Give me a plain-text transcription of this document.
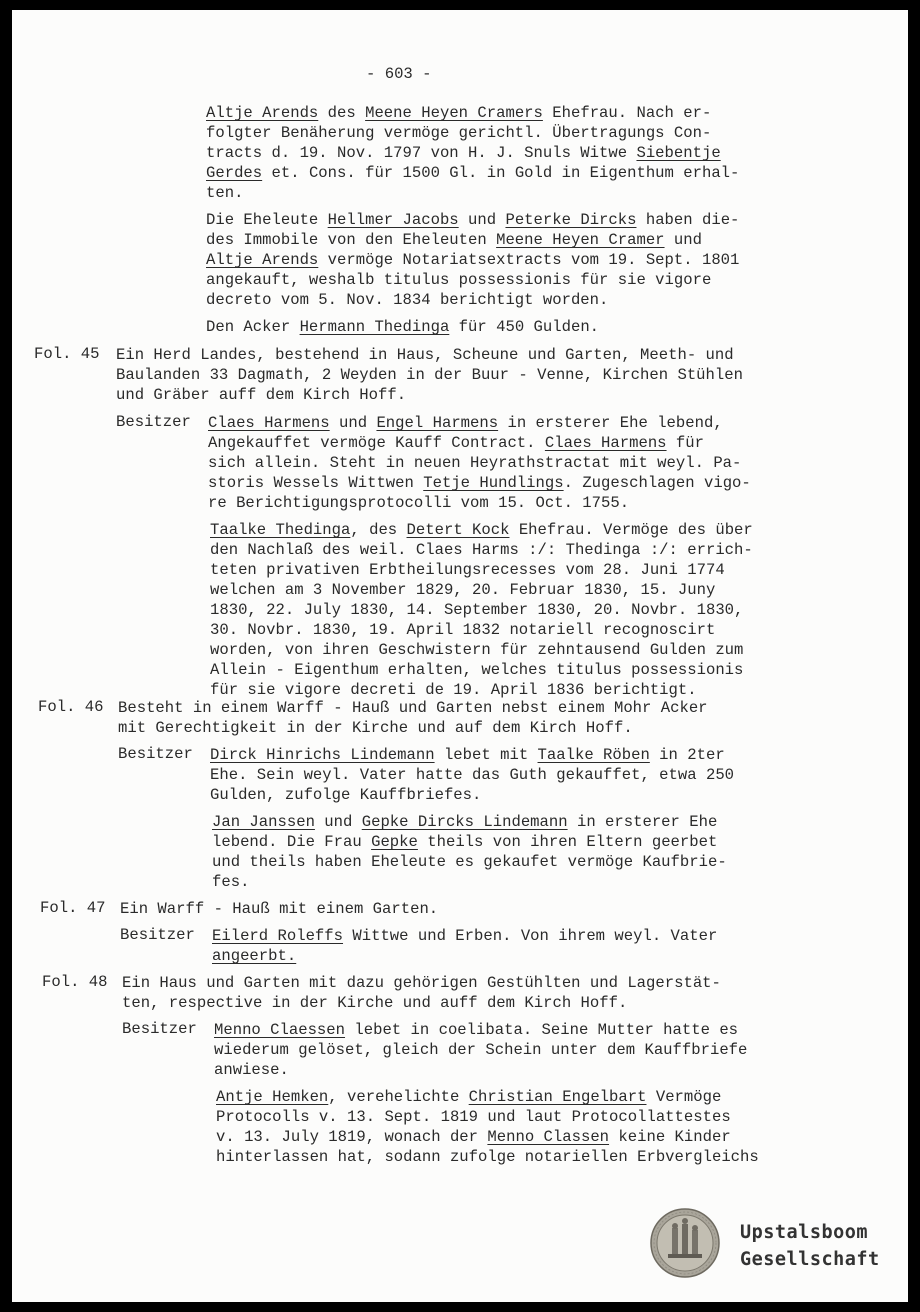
- 603 -
Altje Arends des Meene Heyen Cramers Ehefrau. Nach er-
folgter Benäherung vermöge gerichtl. Übertragungs Con-
tracts d. 19. Nov. 1797 von H. J. Snuls Witwe Siebentje
Gerdes et. Cons. für 1500 Gl. in Gold in Eigenthum erhal-
ten.
Die Eheleute Hellmer Jacobs und Peterke Dircks haben die-
des Immobile von den Eheleuten Meene Heyen Cramer und
Altje Arends vermöge Notariatsextracts vom 19. Sept. 1801
angekauft, weshalb titulus possessionis für sie vigore
decreto vom 5. Nov. 1834 berichtigt worden.
Den Acker Hermann Thedinga für 450 Gulden.
Fol. 45 Ein Herd Landes, bestehend in Haus, Scheune und Garten, Meeth- und
Baulanden 33 Dagmath, 2 Weyden in der Buur - Venne, Kirchen Stühlen
und Gräber auff dem Kirch Hoff.
Besitzer Claes Harmens und Engel Harmens in ersterer Ehe lebend,
Angekauffet vermöge Kauff Contract. Claes Harmens für
sich allein. Steht in neuen Heyrathstractat mit weyl. Pa-
storis Wessels Wittwen Tetje Hundlings. Zugeschlagen vigo-
re Berichtigungsprotocolli vom 15. Oct. 1755.
Taalke Thedinga, des Detert Kock Ehefrau. Vermöge des über
den Nachlaß des weil. Claes Harms :/: Thedinga :/: errich-
teten privativen Erbtheilungsrecesses vom 28. Juni 1774
welchen am 3 November 1829, 20. Februar 1830, 15. Juny
1830, 22. July 1830, 14. September 1830, 20. Novbr. 1830,
30. Novbr. 1830, 19. April 1832 notariell recognoscirt
worden, von ihren Geschwistern für zehntausend Gulden zum
Allein - Eigenthum erhalten, welches titulus possessionis
für sie vigore decreti de 19. April 1836 berichtigt.
Fol. 46 Besteht in einem Warff - Hauß und Garten nebst einem Mohr Acker
mit Gerechtigkeit in der Kirche und auf dem Kirch Hoff.
Besitzer Dirck Hinrichs Lindemann lebet mit Taalke Röben in 2ter
Ehe. Sein weyl. Vater hatte das Guth gekauffet, etwa 250
Gulden, zufolge Kauffbriefes.
Jan Janssen und Gepke Dircks Lindemann in ersterer Ehe
lebend. Die Frau Gepke theils von ihren Eltern geerbet
und theils haben Eheleute es gekaufet vermöge Kaufbrie-
fes.
Fol. 47 Ein Warff - Hauß mit einem Garten.
Besitzer Eilerd Roleffs Wittwe und Erben. Von ihrem weyl. Vater
angeerbt.
Fol. 48 Ein Haus und Garten mit dazu gehörigen Gestühlten und Lagerstät-
ten, respective in der Kirche und auff dem Kirch Hoff.
Besitzer Menno Claessen lebet in coelibata. Seine Mutter hatte es
wiederum gelöset, gleich der Schein unter dem Kauffbriefe
anwiese.
Antje Hemken, verehelichte Christian Engelbart Vermöge
Protocolls v. 13. Sept. 1819 und laut Protocollattestes
v. 13. July 1819, wonach der Menno Classen keine Kinder
hinterlassen hat, sodann zufolge notariellen Erbvergleichs
Upstalsboom
Gesellschaft
